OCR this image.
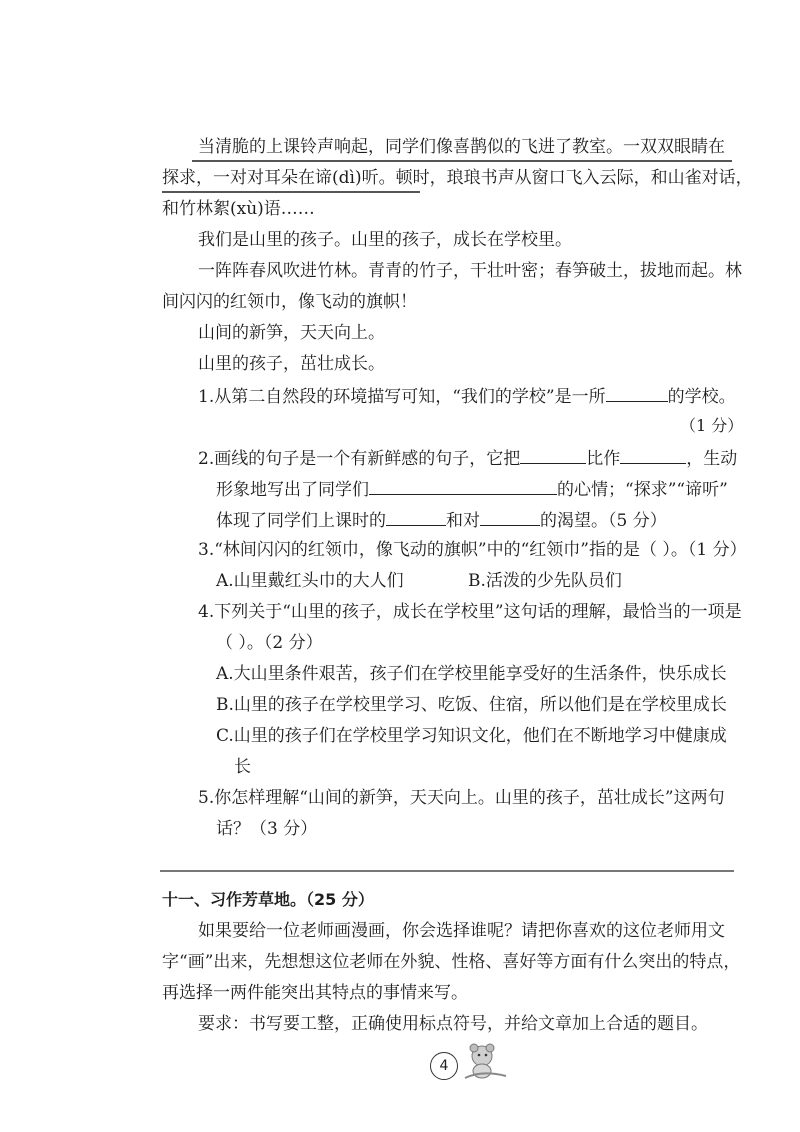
当清脆的上课铃声响起，同学们像喜鹊似的飞进了教室。一双双眼睛在
探求，一对对耳朵在谛(dì)听。顿时，琅琅书声从窗口飞入云际，和山雀对话，
和竹林絮(xù)语……
我们是山里的孩子。山里的孩子，成长在学校里。
一阵阵春风吹进竹林。青青的竹子，干壮叶密；春笋破土，拔地而起。林
间闪闪的红领巾，像飞动的旗帜！
山间的新笋，天天向上。
山里的孩子，茁壮成长。
1.从第二自然段的环境描写可知，“我们的学校”是一所	的学校。
（1 分）
2.画线的句子是一个有新鲜感的句子，它把	比作	，生动
形象地写出了同学们	的心情；“探求”“谛听”
体现了同学们上课时的	和对	的渴望。（5 分）
3.“林间闪闪的红领巾，像飞动的旗帜”中的“红领巾”指的是（ ）。（1 分）
A.山里戴红头巾的大人们	B.活泼的少先队员们
4.下列关于“山里的孩子，成长在学校里”这句话的理解，最恰当的一项是
（ ）。（2 分）
A.大山里条件艰苦，孩子们在学校里能享受好的生活条件，快乐成长
B.山里的孩子在学校里学习、吃饭、住宿，所以他们是在学校里成长
C.山里的孩子们在学校里学习知识文化，他们在不断地学习中健康成
长
5.你怎样理解“山间的新笋，天天向上。山里的孩子，茁壮成长”这两句
话？（3 分）
十一、习作芳草地。（25 分）
如果要给一位老师画漫画，你会选择谁呢？请把你喜欢的这位老师用文
字“画”出来，先想想这位老师在外貌、性格、喜好等方面有什么突出的特点，
再选择一两件能突出其特点的事情来写。
要求：书写要工整，正确使用标点符号，并给文章加上合适的题目。
4
